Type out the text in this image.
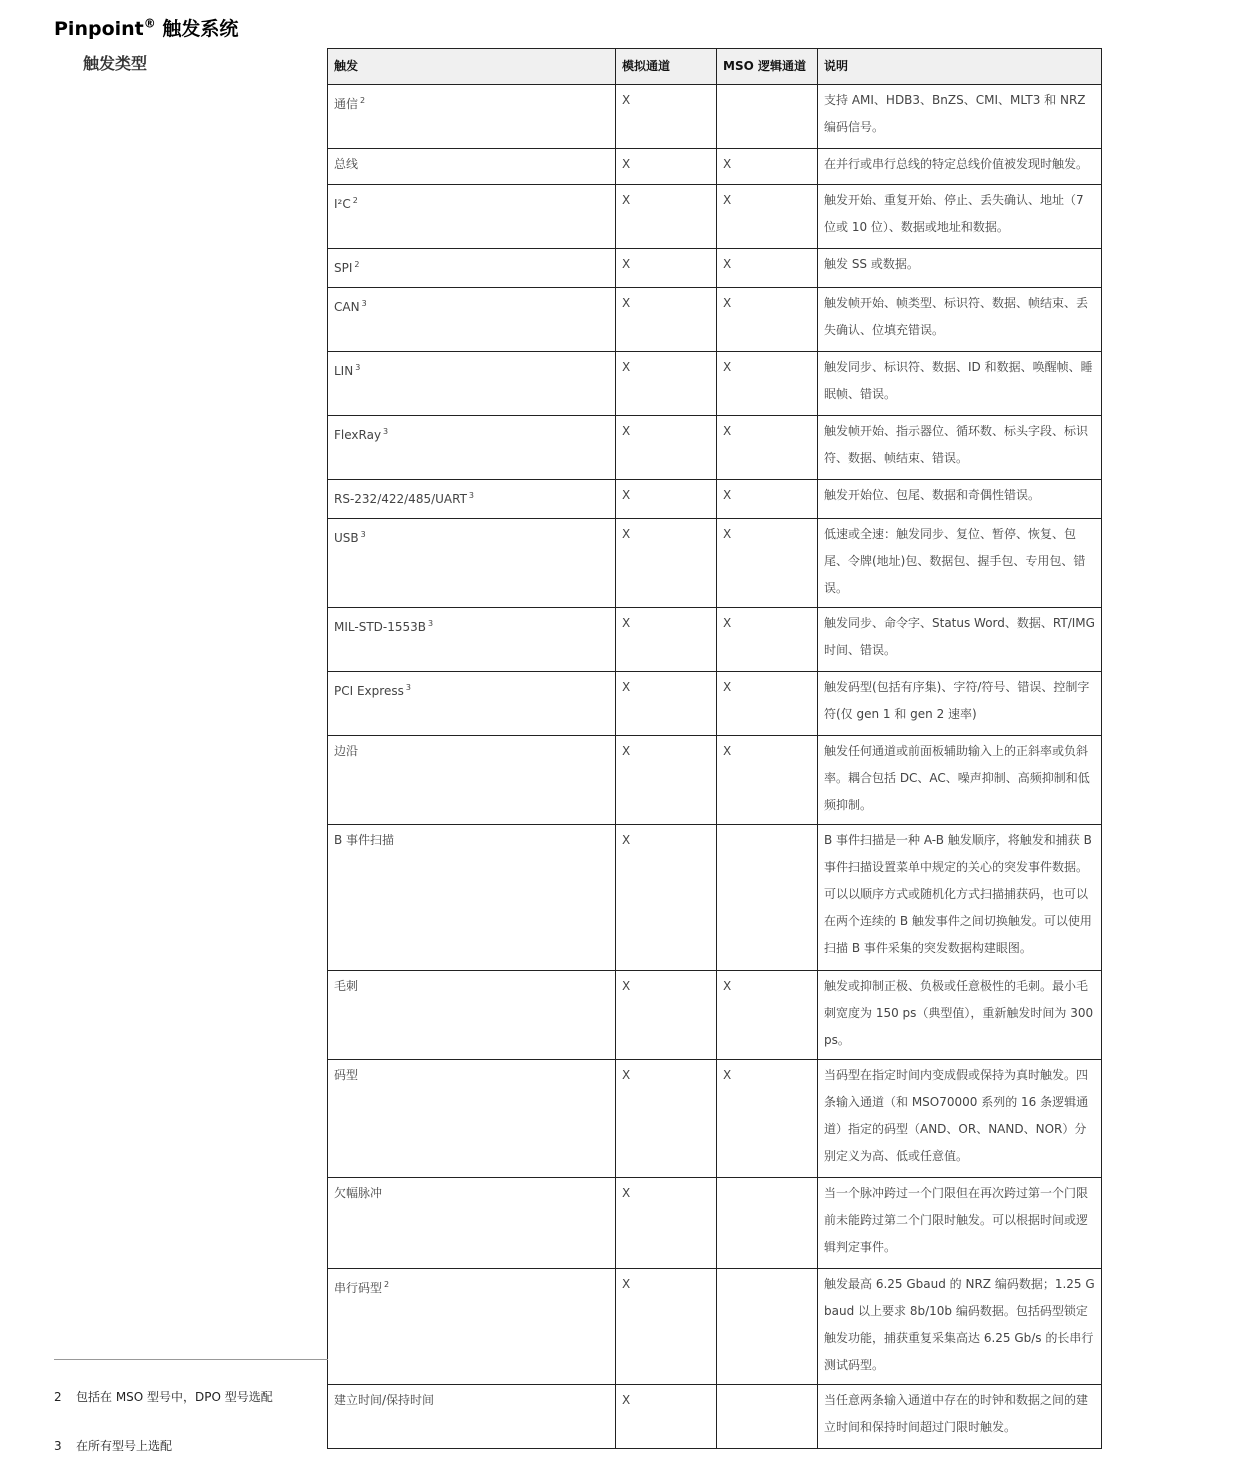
Pinpoint® 触发系统
触发类型	触发	模拟通道	MSO 逻辑通道	说明
通信 $^2$	X		支持 AMI、HDB3、BnZS、CMI、MLT3 和 NRZ 编码信号。
总线	X	X	在并行或串行总线的特定总线价值被发现时触发。
I²C $^2$	X	X	触发开始、重复开始、停止、丢失确认、地址（7 位或 10 位）、数据或地址和数据。
SPI $^2$	X	X	触发 SS 或数据。
CAN $^3$	X	X	触发帧开始、帧类型、标识符、数据、帧结束、丢失确认、位填充错误。
LIN $^3$	X	X	触发同步、标识符、数据、ID 和数据、唤醒帧、睡眠帧、错误。
FlexRay $^3$	X	X	触发帧开始、指示器位、循环数、标头字段、标识符、数据、帧结束、错误。
RS-232/422/485/UART $^3$	X	X	触发开始位、包尾、数据和奇偶性错误。
USB $^3$	X	X	低速或全速：触发同步、复位、暂停、恢复、包尾、令牌(地址)包、数据包、握手包、专用包、错误。
MIL-STD-1553B $^3$	X	X	触发同步、命令字、Status Word、数据、RT/IMG 时间、错误。
PCI Express $^3$	X	X	触发码型(包括有序集)、字符/符号、错误、控制字符(仅 gen 1 和 gen 2 速率)
边沿	X	X	触发任何通道或前面板辅助输入上的正斜率或负斜率。耦合包括 DC、AC、噪声抑制、高频抑制和低频抑制。
B 事件扫描	X		B 事件扫描是一种 A-B 触发顺序，将触发和捕获 B 事件扫描设置菜单中规定的关心的突发事件数据。可以以顺序方式或随机化方式扫描捕获码，也可以在两个连续的 B 触发事件之间切换触发。可以使用扫描 B 事件采集的突发数据构建眼图。
毛刺	X	X	触发或抑制正极、负极或任意极性的毛刺。最小毛刺宽度为 150 ps（典型值），重新触发时间为 300 ps。
码型	X	X	当码型在指定时间内变成假或保持为真时触发。四条输入通道（和 MSO70000 系列的 16 条逻辑通道）指定的码型（AND、OR、NAND、NOR）分别定义为高、低或任意值。
欠幅脉冲	X		当一个脉冲跨过一个门限但在再次跨过第一个门限前未能跨过第二个门限时触发。可以根据时间或逻辑判定事件。
串行码型 $^2$	X		触发最高 6.25 Gbaud 的 NRZ 编码数据；1.25 Gbaud 以上要求 8b/10b 编码数据。包括码型锁定触发功能，捕获重复采集高达 6.25 Gb/s 的长串行测试码型。
建立时间/保持时间	X		当任意两条输入通道中存在的时钟和数据之间的建立时间和保持时间超过门限时触发。
2 包括在 MSO 型号中，DPO 型号选配
3 在所有型号上选配
